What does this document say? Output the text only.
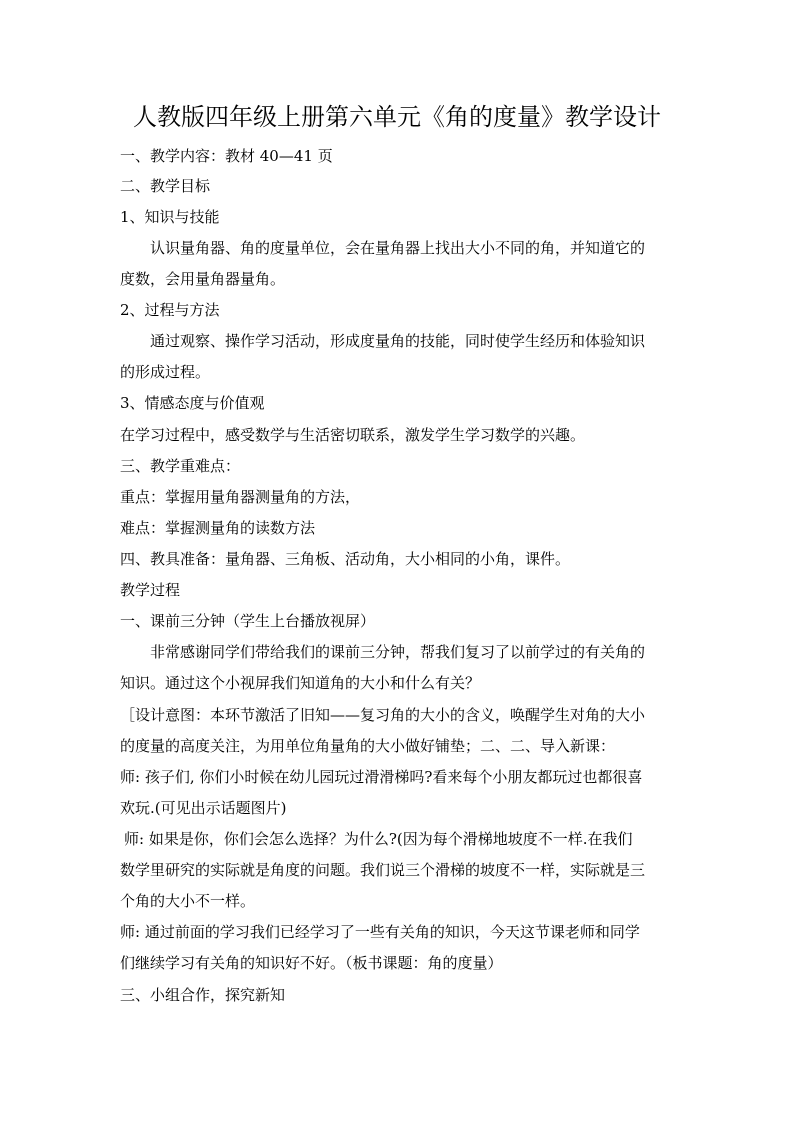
人教版四年级上册第六单元《角的度量》教学设计
一、教学内容：教材 40—41 页
二、教学目标
1、知识与技能
认识量角器、角的度量单位，会在量角器上找出大小不同的角，并知道它的
度数，会用量角器量角。
2、过程与方法
通过观察、操作学习活动，形成度量角的技能，同时使学生经历和体验知识
的形成过程。
3、情感态度与价值观
在学习过程中，感受数学与生活密切联系，激发学生学习数学的兴趣。
三、教学重难点：
重点：掌握用量角器测量角的方法，
难点：掌握测量角的读数方法
四、教具准备：量角器、三角板、活动角，大小相同的小角，课件。
教学过程
一、课前三分钟（学生上台播放视屏）
非常感谢同学们带给我们的课前三分钟，帮我们复习了以前学过的有关角的
知识。通过这个小视屏我们知道角的大小和什么有关？
［设计意图：本环节激活了旧知——复习角的大小的含义，唤醒学生对角的大小
的度量的高度关注，为用单位角量角的大小做好铺垫；二、二、导入新课：
师: 孩子们, 你们小时候在幼儿园玩过滑滑梯吗?看来每个小朋友都玩过也都很喜
欢玩.(可见出示话题图片)
师: 如果是你，你们会怎么选择？为什么?(因为每个滑梯地坡度不一样.在我们
数学里研究的实际就是角度的问题。我们说三个滑梯的坡度不一样，实际就是三
个角的大小不一样。
师: 通过前面的学习我们已经学习了一些有关角的知识，今天这节课老师和同学
们继续学习有关角的知识好不好。（板书课题：角的度量）
三、小组合作，探究新知
